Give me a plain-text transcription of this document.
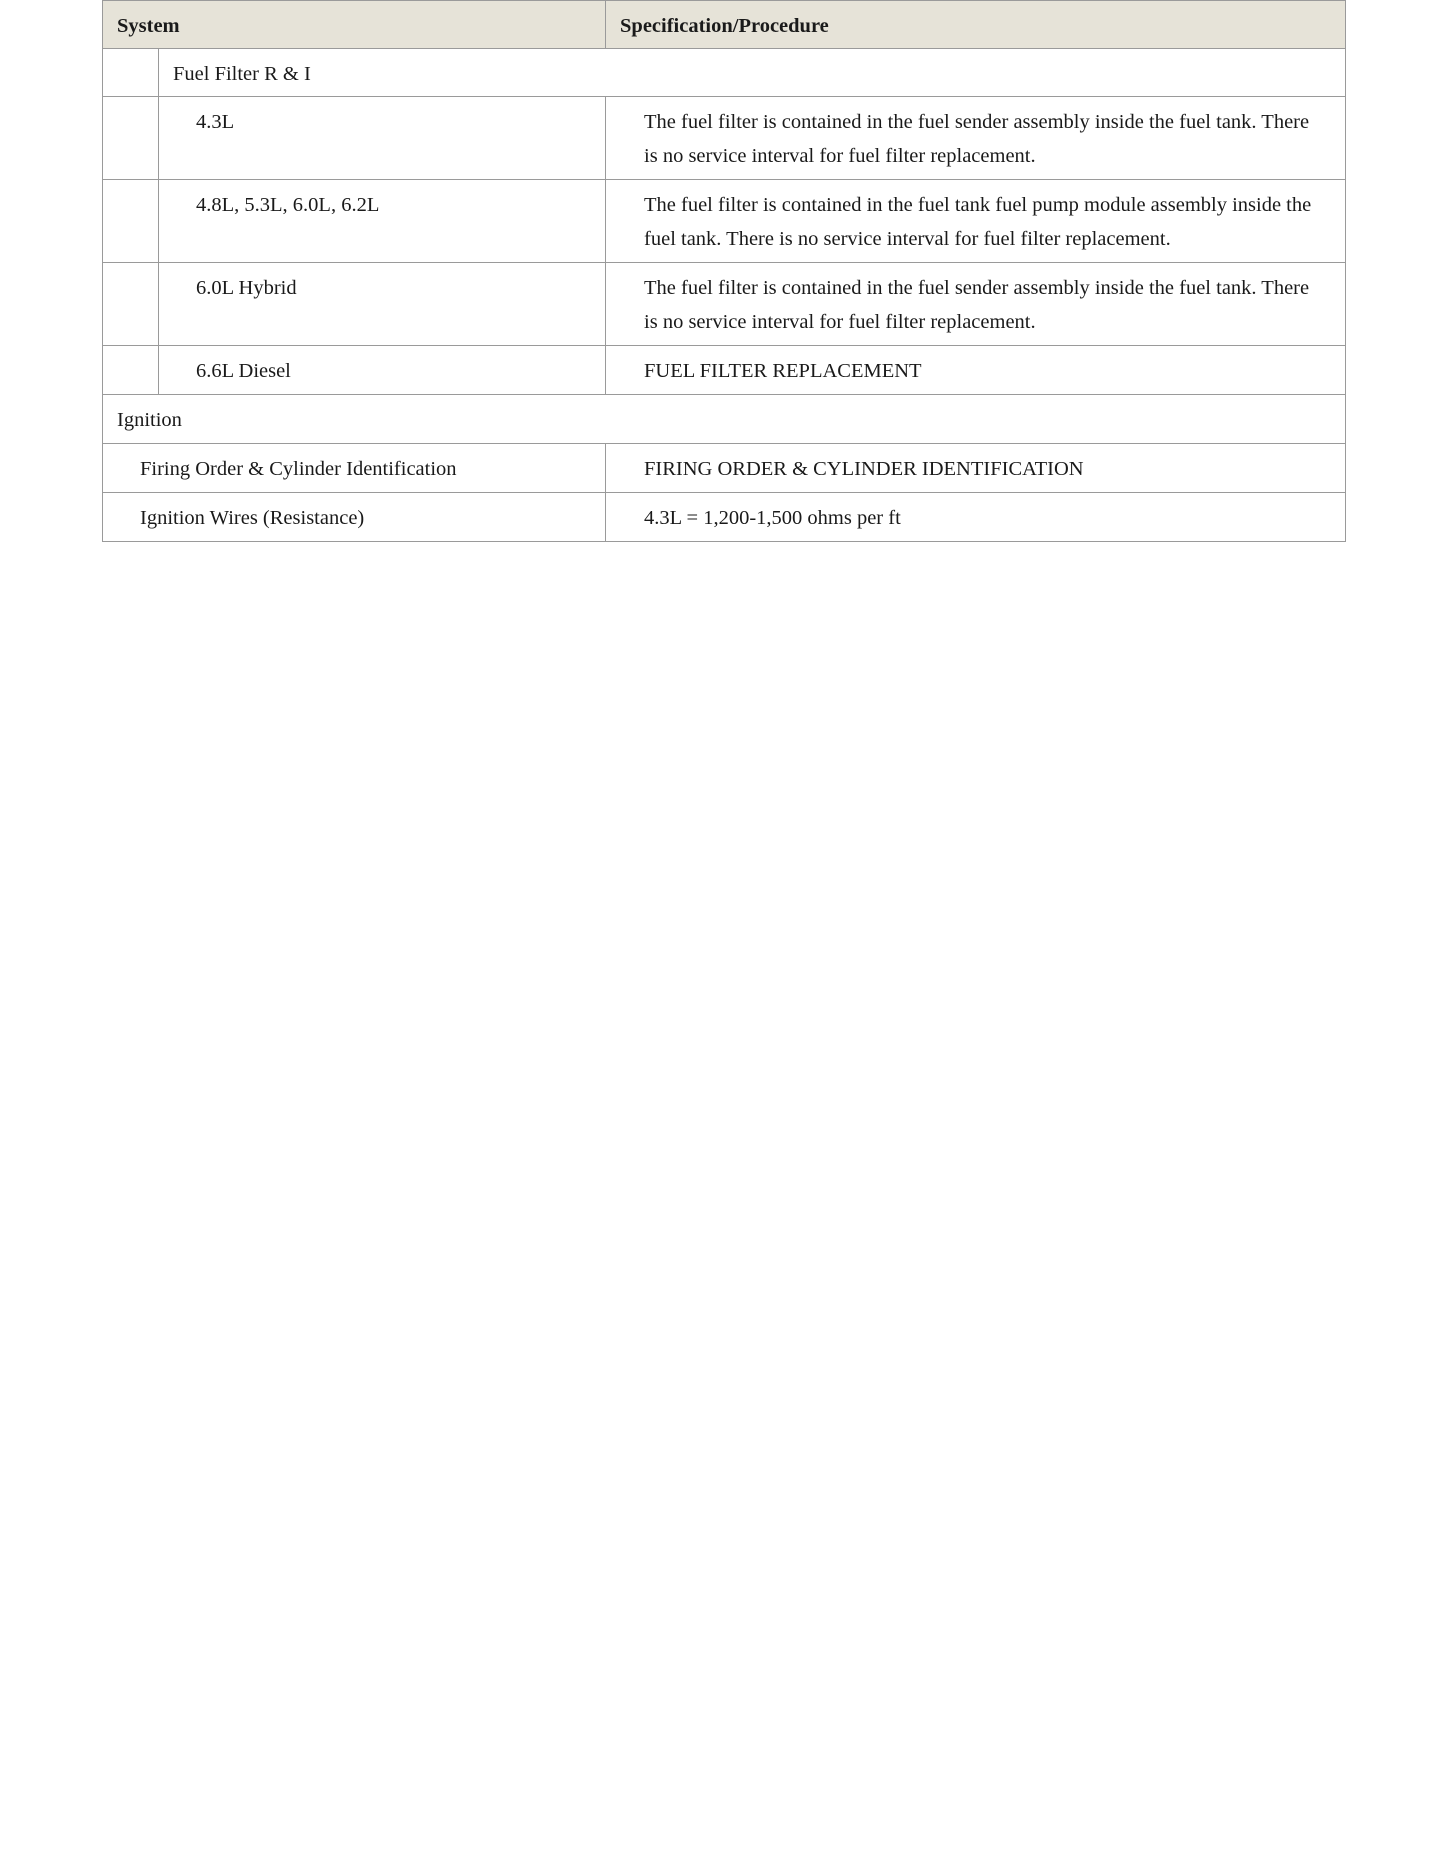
System		Specification/Procedure
	Fuel Filter R & I	
	4.3L	The fuel filter is contained in the fuel sender assembly inside the fuel tank. There is no service interval for fuel filter replacement.
	4.8L, 5.3L, 6.0L, 6.2L	The fuel filter is contained in the fuel tank fuel pump module assembly inside the fuel tank. There is no service interval for fuel filter replacement.
	6.0L Hybrid	The fuel filter is contained in the fuel sender assembly inside the fuel tank. There is no service interval for fuel filter replacement.
	6.6L Diesel	FUEL FILTER REPLACEMENT
Ignition		
Firing Order & Cylinder Identification		FIRING ORDER & CYLINDER IDENTIFICATION
Ignition Wires (Resistance)		4.3L = 1,200-1,500 ohms per ft
